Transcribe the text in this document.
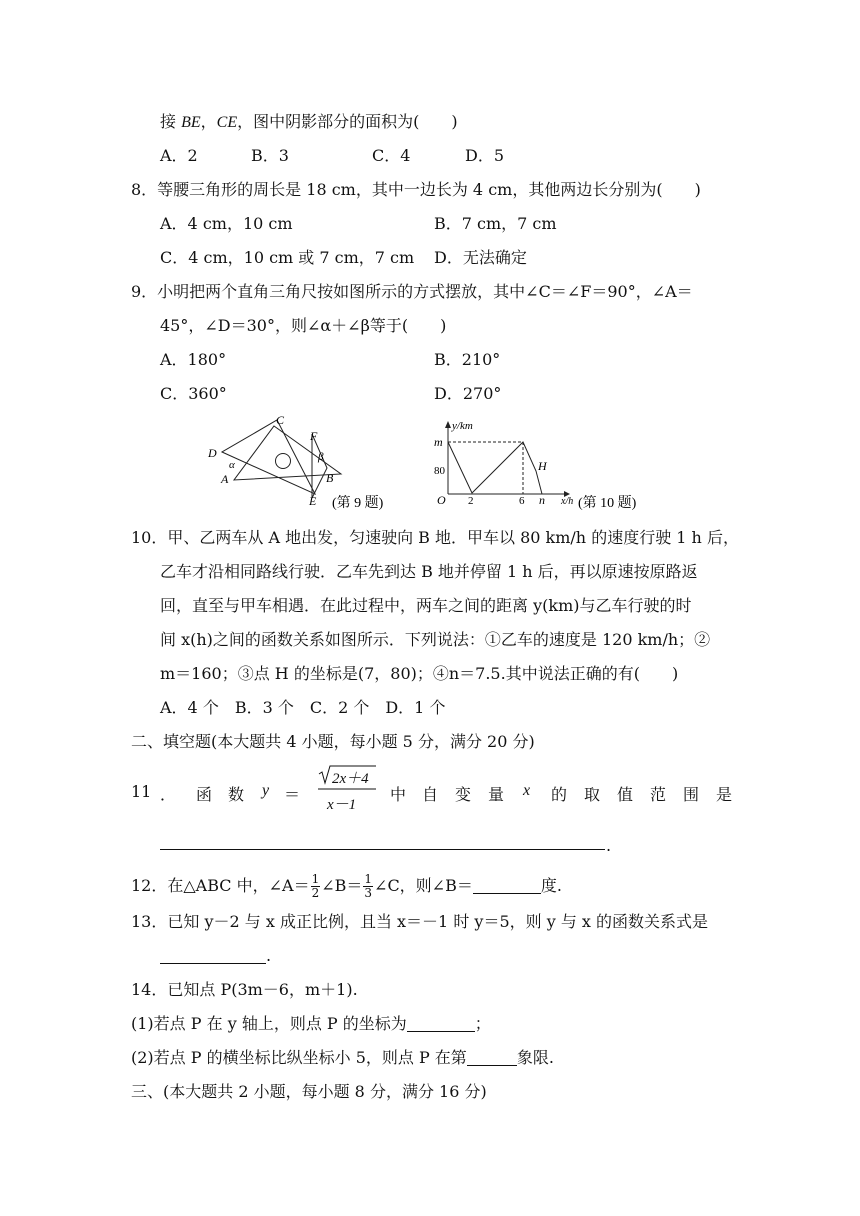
接 BE，CE，图中阴影部分的面积为(　　)
A．2	B．3	C．4	D．5
8．等腰三角形的周长是 18 cm，其中一边长为 4 cm，其他两边长分别为(　　)
A．4 cm，10 cm	B．7 cm，7 cm
C．4 cm，10 cm 或 7 cm，7 cm D．无法确定
9．小明把两个直角三角尺按如图所示的方式摆放，其中∠C＝∠F＝90°，∠A＝
45°，∠D＝30°，则∠α＋∠β等于(　　)
A．180°	B．210°
C．360°	D．270°
C
F
D
α
β
A	B
E (第 9 题)
y/km
m
80
O 2	6 n
H
x/h (第 10 题)
10．甲、乙两车从 A 地出发，匀速驶向 B 地．甲车以 80 km/h 的速度行驶 1 h 后，
乙车才沿相同路线行驶．乙车先到达 B 地并停留 1 h 后，再以原速按原路返
回，直至与甲车相遇．在此过程中，两车之间的距离 y(km)与乙车行驶的时
间 x(h)之间的函数关系如图所示．下列说法：①乙车的速度是 120 km/h；②
m＝160；③点 H 的坐标是(7，80)；④n＝7.5.其中说法正确的有(　　)
A．4 个　B．3 个　C．2 个　D．1 个
二、填空题(本大题共 4 小题，每小题 5 分，满分 20 分)
11 ． 函 数 y ＝
2x＋4
x－1
中 自 变 量 x 的 取 值 范 围 是
.
12．在△ABC 中，∠A＝ $\frac{1}{2}$ ∠B＝ $\frac{1}{3}$ ∠C，则∠B＝	度.
13．已知 y－2 与 x 成正比例，且当 x＝－1 时 y＝5，则 y 与 x 的函数关系式是
.
14．已知点 P(3m－6，m＋1).
(1)若点 P 在 y 轴上，则点 P 的坐标为	；
(2)若点 P 的横坐标比纵坐标小 5，则点 P 在第	象限.
三、(本大题共 2 小题，每小题 8 分，满分 16 分)
